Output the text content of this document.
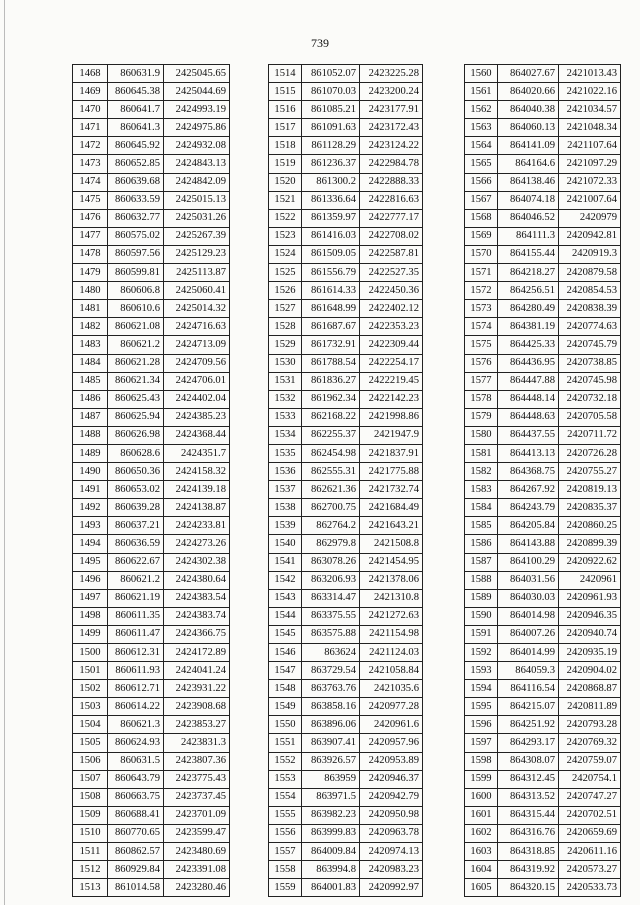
739
1468	860631.9	2425045.65
1469	860645.38	2425044.69
1470	860641.7	2424993.19
1471	860641.3	2424975.86
1472	860645.92	2424932.08
1473	860652.85	2424843.13
1474	860639.68	2424842.09
1475	860633.59	2425015.13
1476	860632.77	2425031.26
1477	860575.02	2425267.39
1478	860597.56	2425129.23
1479	860599.81	2425113.87
1480	860606.8	2425060.41
1481	860610.6	2425014.32
1482	860621.08	2424716.63
1483	860621.2	2424713.09
1484	860621.28	2424709.56
1485	860621.34	2424706.01
1486	860625.43	2424402.04
1487	860625.94	2424385.23
1488	860626.98	2424368.44
1489	860628.6	2424351.7
1490	860650.36	2424158.32
1491	860653.02	2424139.18
1492	860639.28	2424138.87
1493	860637.21	2424233.81
1494	860636.59	2424273.26
1495	860622.67	2424302.38
1496	860621.2	2424380.64
1497	860621.19	2424383.54
1498	860611.35	2424383.74
1499	860611.47	2424366.75
1500	860612.31	2424172.89
1501	860611.93	2424041.24
1502	860612.71	2423931.22
1503	860614.22	2423908.68
1504	860621.3	2423853.27
1505	860624.93	2423831.3
1506	860631.5	2423807.36
1507	860643.79	2423775.43
1508	860663.75	2423737.45
1509	860688.41	2423701.09
1510	860770.65	2423599.47
1511	860862.57	2423480.69
1512	860929.84	2423391.08
1513	861014.58	2423280.46
1514	861052.07	2423225.28
1515	861070.03	2423200.24
1516	861085.21	2423177.91
1517	861091.63	2423172.43
1518	861128.29	2423124.22
1519	861236.37	2422984.78
1520	861300.2	2422888.33
1521	861336.64	2422816.63
1522	861359.97	2422777.17
1523	861416.03	2422708.02
1524	861509.05	2422587.81
1525	861556.79	2422527.35
1526	861614.33	2422450.36
1527	861648.99	2422402.12
1528	861687.67	2422353.23
1529	861732.91	2422309.44
1530	861788.54	2422254.17
1531	861836.27	2422219.45
1532	861962.34	2422142.23
1533	862168.22	2421998.86
1534	862255.37	2421947.9
1535	862454.98	2421837.91
1536	862555.31	2421775.88
1537	862621.36	2421732.74
1538	862700.75	2421684.49
1539	862764.2	2421643.21
1540	862979.8	2421508.8
1541	863078.26	2421454.95
1542	863206.93	2421378.06
1543	863314.47	2421310.8
1544	863375.55	2421272.63
1545	863575.88	2421154.98
1546	863624	2421124.03
1547	863729.54	2421058.84
1548	863763.76	2421035.6
1549	863858.16	2420977.28
1550	863896.06	2420961.6
1551	863907.41	2420957.96
1552	863926.57	2420953.89
1553	863959	2420946.37
1554	863971.5	2420942.79
1555	863982.23	2420950.98
1556	863999.83	2420963.78
1557	864009.84	2420974.13
1558	863994.8	2420983.23
1559	864001.83	2420992.97
1560	864027.67	2421013.43
1561	864020.66	2421022.16
1562	864040.38	2421034.57
1563	864060.13	2421048.34
1564	864141.09	2421107.64
1565	864164.6	2421097.29
1566	864138.46	2421072.33
1567	864074.18	2421007.64
1568	864046.52	2420979
1569	864111.3	2420942.81
1570	864155.44	2420919.3
1571	864218.27	2420879.58
1572	864256.51	2420854.53
1573	864280.49	2420838.39
1574	864381.19	2420774.63
1575	864425.33	2420745.79
1576	864436.95	2420738.85
1577	864447.88	2420745.98
1578	864448.14	2420732.18
1579	864448.63	2420705.58
1580	864437.55	2420711.72
1581	864413.13	2420726.28
1582	864368.75	2420755.27
1583	864267.92	2420819.13
1584	864243.79	2420835.37
1585	864205.84	2420860.25
1586	864143.88	2420899.39
1587	864100.29	2420922.62
1588	864031.56	2420961
1589	864030.03	2420961.93
1590	864014.98	2420946.35
1591	864007.26	2420940.74
1592	864014.99	2420935.19
1593	864059.3	2420904.02
1594	864116.54	2420868.87
1595	864215.07	2420811.89
1596	864251.92	2420793.28
1597	864293.17	2420769.32
1598	864308.07	2420759.07
1599	864312.45	2420754.1
1600	864313.52	2420747.27
1601	864315.44	2420702.51
1602	864316.76	2420659.69
1603	864318.85	2420611.16
1604	864319.92	2420573.27
1605	864320.15	2420533.73
